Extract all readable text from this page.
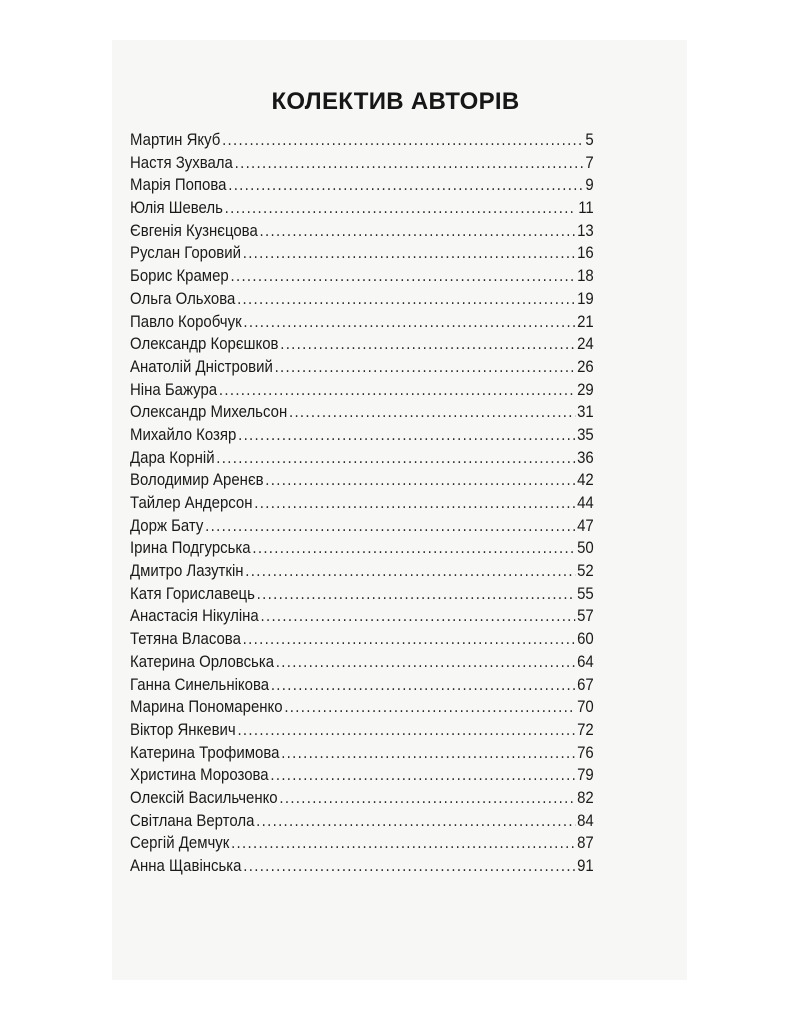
КОЛЕКТИВ АВТОРІВ
Мартин Якуб .....	5
Настя Зухвала .....	7
Марія Попова .....	9
Юлія Шевель .....	11
Євгенія Кузнєцова .....	13
Руслан Горовий .....	16
Борис Крамер .....	18
Ольга Ольхова .....	19
Павло Коробчук .....	21
Олександр Корєшков .....	24
Анатолій Дністровий .....	26
Ніна Бажура .....	29
Олександр Михельсон .....	31
Михайло Козяр .....	35
Дара Корній .....	36
Володимир Аренєв .....	42
Тайлер Андерсон .....	44
Дорж Бату .....	47
Ірина Подгурська .....	50
Дмитро Лазуткін .....	52
Катя Гориславець .....	55
Анастасія Нікуліна .....	57
Тетяна Власова .....	60
Катерина Орловська .....	64
Ганна Синельнікова .....	67
Марина Пономаренко .....	70
Віктор Янкевич .....	72
Катерина Трофимова .....	76
Христина Морозова .....	79
Олексій Васильченко .....	82
Світлана Вертола .....	84
Сергій Демчук .....	87
Анна Щавінська .....	91
